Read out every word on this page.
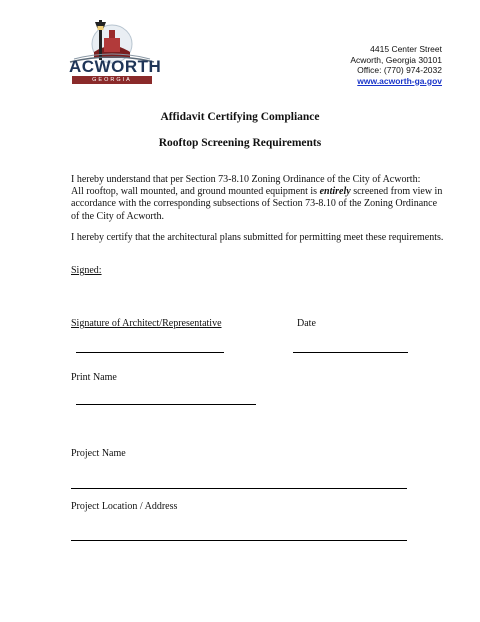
ACWORTH
GEORGIA
4415 Center Street
Acworth, Georgia 30101
Office: (770) 974-2032
www.acworth-ga.gov
Affidavit Certifying Compliance
Rooftop Screening Requirements
I hereby understand that per Section 73-8.10 Zoning Ordinance of the City of Acworth:
All rooftop, wall mounted, and ground mounted equipment is entirely screened from view in accordance with the corresponding subsections of Section 73-8.10 of the Zoning Ordinance of the City of Acworth.
I hereby certify that the architectural plans submitted for permitting meet these requirements.
Signed:
Signature of Architect/Representative	Date
Print Name
Project Name
Project Location / Address
